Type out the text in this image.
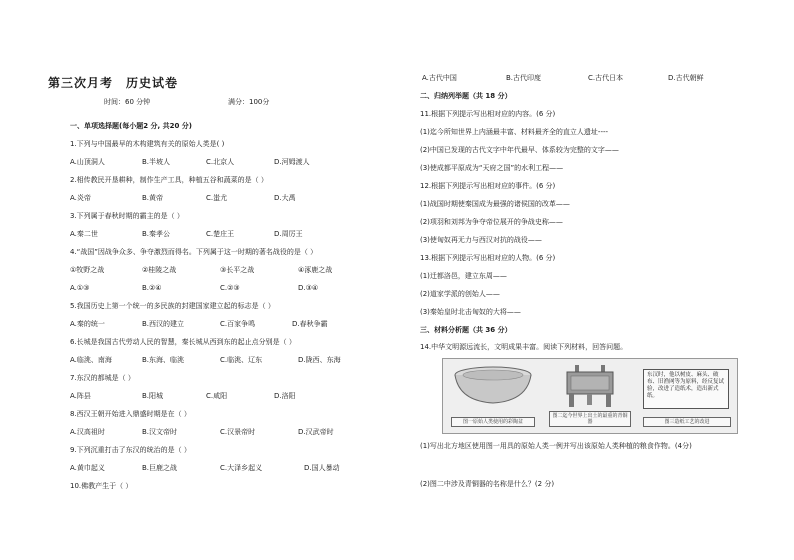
第三次月考　历史试卷
时间：60 分钟	满分：100分
一、单项选择题(每小题2 分, 共20 分)
1.下列与中国最早的木构建筑有关的原始人类是( )
A.山顶洞人	B.半坡人	C.北京人	D.河姆渡人
2.相传教民开垦耕种，制作生产工具，种植五谷和蔬菜的是（ ）
A.炎帝	B.黄帝	C.蚩尤	D.大禹
3.下列属于春秋时期的霸主的是（ ）
A.秦二世	B.秦孝公	C.楚庄王	D.周厉王
4.“战国”因战争众多、争夺激烈而得名。下列属于这一时期的著名战役的是（ ）
①牧野之战	②桂陵之战	③长平之战	④涿鹿之战
A.①③	B.②④	C.②③	D.③④
5.我国历史上第一个统一的多民族的封建国家建立起的标志是（ ）
A.秦的统一	B.西汉的建立	C.百家争鸣	D.春秋争霸
6.长城是我国古代劳动人民的智慧，秦长城从西到东的起止点分别是（ ）
A.临洮、南海	B.东海、临洮	C.临洮、辽东	D.陇西、东海
7.东汉的都城是（ ）
A.阵县	B.阳城	C.咸阳	D.洛阳
8.西汉王朝开始进入鼎盛时期是在（ ）
A.汉高祖时	B.汉文帝时	C.汉景帝时	D.汉武帝时
9.下列沉重打击了东汉的统治的是（ ）
A.黄巾起义	B.巨鹿之战	C.大泽乡起义	D.国人暴动
10.佛教产生于（ ）
A.古代中国	B.古代印度	C.古代日本	D.古代朝鲜
二、归纳列举题（共 18 分）
11.根据下列提示写出相对应的内容。(6 分)
(1)迄今所知世界上内涵最丰富、材料最齐全的直立人遗址----
(2)中国已发现的古代文字中年代最早、体系较为完整的文字——
(3)使成都平原成为“天府之国”的水利工程——
12.根据下列提示写出相对应的事件。(6 分)
(1)战国时期使秦国成为最强的诸侯国的改革——
(2)项羽和刘邦为争夺帝位展开的争战史称——
(3)使匈奴再无力与西汉对抗的战役——
13.根据下列提示写出相对应的人物。(6 分)
(1)迁都洛邑，建立东周——
(2)道家学派的创始人——
(3)秦始皇时北击匈奴的大将——
三、材料分析题（共 36 分）
14.中华文明源远流长，文明成果丰富。阅读下列材料，回答问题。
图一原始人类使用的彩陶盆
图二迄今世界上出土的最重的青铜器
东汉时，他以树皮、麻头、破布、旧渔网等为原料，经反复试验，改进了造纸术，造出新式纸。
图三造纸工艺的改进
(1)写出北方地区使用图一用具的原始人类一例并写出该原始人类种植的粮食作物。(4分)
(2)图二中涉及青铜器的名称是什么？(2 分)
